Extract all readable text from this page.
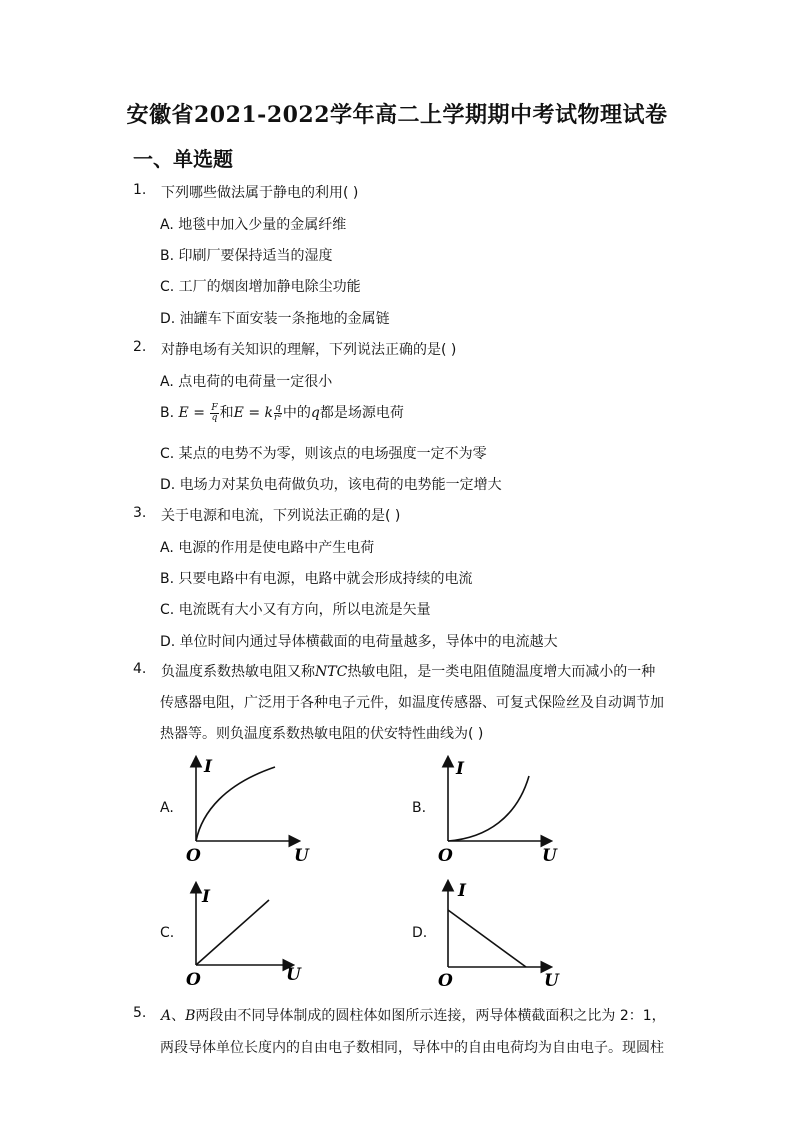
安徽省2021-2022学年高二上学期期中考试物理试卷
一、单选题
1. 下列哪些做法属于静电的利用( )
A. 地毯中加入少量的金属纤维
B. 印刷厂要保持适当的湿度
C. 工厂的烟囱增加静电除尘功能
D. 油罐车下面安装一条拖地的金属链
2. 对静电场有关知识的理解，下列说法正确的是( )
A. 点电荷的电荷量一定很小
B. $E = \frac{F}{q}$ 和E = k $\frac{q}{\text{r²}}$ 中的q都是场源电荷
C. 某点的电势不为零，则该点的电场强度一定不为零
D. 电场力对某负电荷做负功，该电荷的电势能一定增大
3. 关于电源和电流，下列说法正确的是( )
A. 电源的作用是使电路中产生电荷
B. 只要电路中有电源，电路中就会形成持续的电流
C. 电流既有大小又有方向，所以电流是矢量
D. 单位时间内通过导体横截面的电荷量越多，导体中的电流越大
4. 负温度系数热敏电阻又称NTC热敏电阻，是一类电阻值随温度增大而减小的一种
传感器电阻，广泛用于各种电子元件，如温度传感器、可复式保险丝及自动调节加
热器等。则负温度系数热敏电阻的伏安特性曲线为( )
A.	B.
C.	D.
I
O	U
I
O	U
I
O	U
I
O	U
5. A、B两段由不同导体制成的圆柱体如图所示连接，两导体横截面积之比为 2：1，
两段导体单位长度内的自由电子数相同，导体中的自由电荷均为自由电子。现圆柱
